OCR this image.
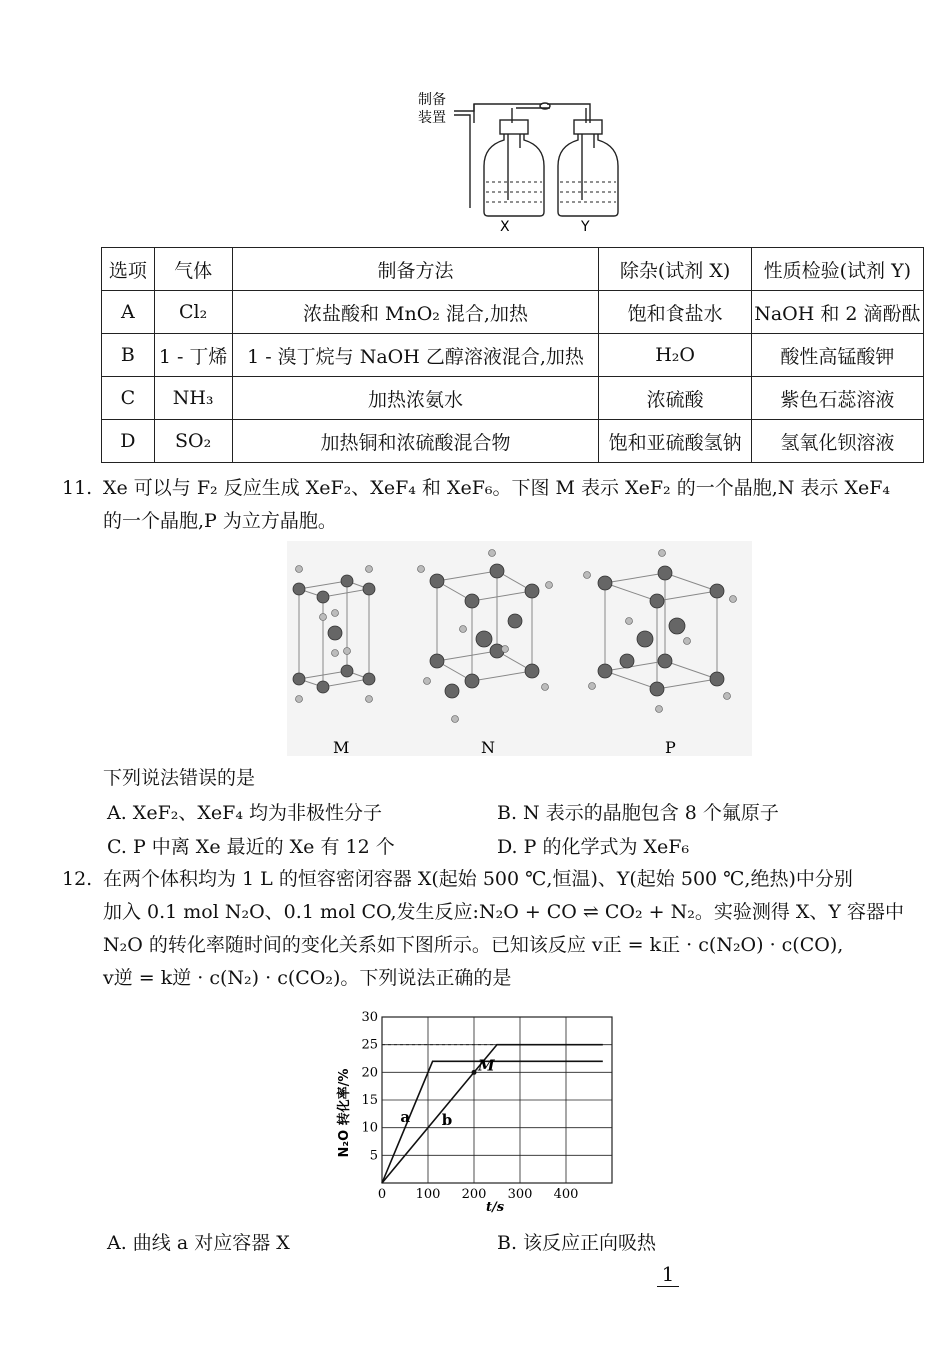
制备
装置
X	Y
选项	气体	制备方法	除杂(试剂 X)	性质检验(试剂 Y)
A	Cl₂	浓盐酸和 MnO₂ 混合,加热	饱和食盐水	NaOH 和 2 滴酚酞
B	1 - 丁烯	1 - 溴丁烷与 NaOH 乙醇溶液混合,加热	H₂O	酸性高锰酸钾
C	NH₃	加热浓氨水	浓硫酸	紫色石蕊溶液
D	SO₂	加热铜和浓硫酸混合物	饱和亚硫酸氢钠	氢氧化钡溶液
11. Xe 可以与 F₂ 反应生成 XeF₂、XeF₄ 和 XeF₆。下图 M 表示 XeF₂ 的一个晶胞,N 表示 XeF₄
的一个晶胞,P 为立方晶胞。
M	N	P
下列说法错误的是
A. XeF₂、XeF₄ 均为非极性分子	B. N 表示的晶胞包含 8 个氟原子
C. P 中离 Xe 最近的 Xe 有 12 个	D. P 的化学式为 XeF₆
12. 在两个体积均为 1 L 的恒容密闭容器 X(起始 500 ℃,恒温)、Y(起始 500 ℃,绝热)中分别
加入 0.1 mol N₂O、0.1 mol CO,发生反应:N₂O + CO ⇌ CO₂ + N₂。实验测得 X、Y 容器中
N₂O 的转化率随时间的变化关系如下图所示。已知该反应 v正 = k正 · c(N₂O) · c(CO),
v逆 = k逆 · c(N₂) · c(CO₂)。下列说法正确的是
0 100 200 300 400
5
10
15
20
25
30
a b
M
N₂O 转化率/%
t/s
A. 曲线 a 对应容器 X	B. 该反应正向吸热
1
